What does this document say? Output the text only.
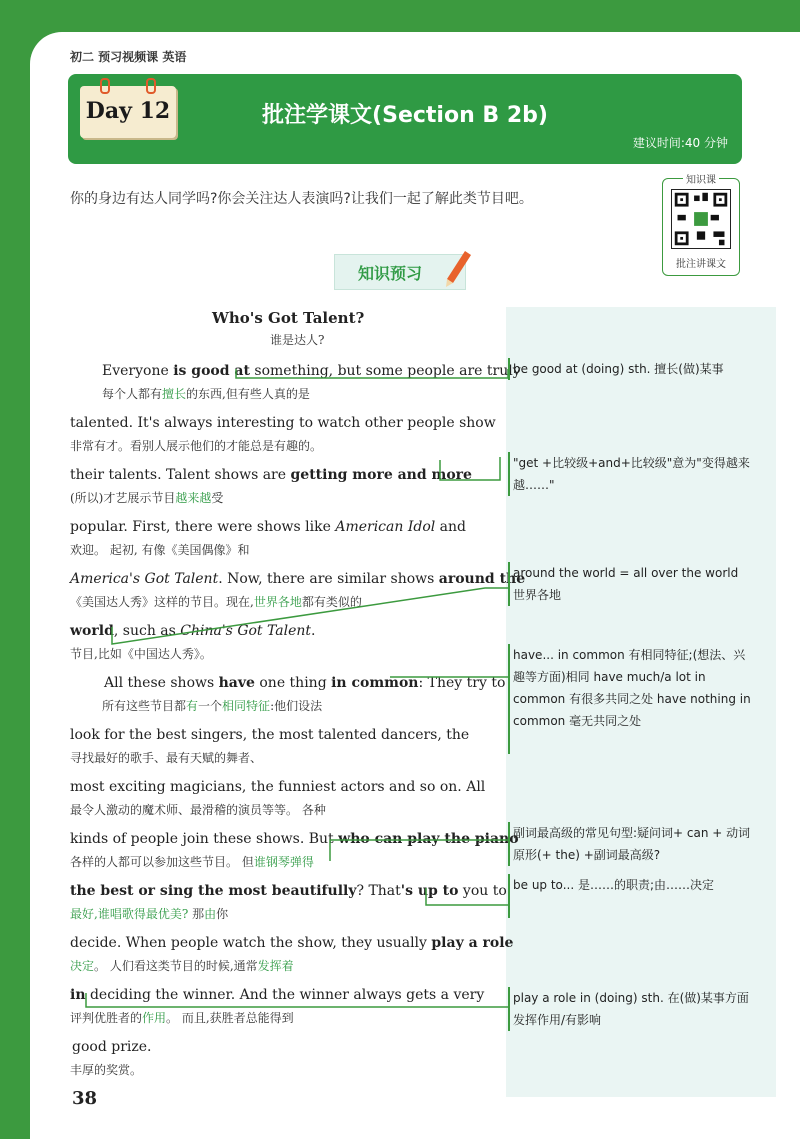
初二 预习视频课 英语
Day 12	批注学课文(Section B 2b)
建议时间:40 分钟
你的身边有达人同学吗?你会关注达人表演吗?让我们一起了解此类节目吧。
知识课
批注讲课文
知识预习
Who's Got Talent?
谁是达人?
Everyone is good at something, but some people are truly
每个人都有擅长的东西,但有些人真的是
talented. It's always interesting to watch other people show
非常有才。看别人展示他们的才能总是有趣的。
their talents. Talent shows are getting more and more
(所以)才艺展示节目越来越受
popular. First, there were shows like American Idol and
欢迎。 起初, 有像《美国偶像》和
America's Got Talent. Now, there are similar shows around the
《美国达人秀》这样的节目。现在,世界各地都有类似的
world, such as China's Got Talent.
节目,比如《中国达人秀》。
All these shows have one thing in common: They try to
所有这些节目都有一个相同特征:他们设法
look for the best singers, the most talented dancers, the
寻找最好的歌手、最有天赋的舞者、
most exciting magicians, the funniest actors and so on. All
最令人激动的魔术师、最滑稽的演员等等。 各种
kinds of people join these shows. But who can play the piano
各样的人都可以参加这些节目。 但谁钢琴弹得
the best or sing the most beautifully? That's up to you to
最好,谁唱歌得最优美? 那由你
decide. When people watch the show, they usually play a role
决定。 人们看这类节目的时候,通常发挥着
in deciding the winner. And the winner always gets a very
评判优胜者的作用。 而且,获胜者总能得到
good prize.
丰厚的奖赏。
be good at (doing) sth. 擅长(做)某事
"get +比较级+and+比较级"意为"变得越来越……"
around the world = all over the world 世界各地
have... in common 有相同特征;(想法、兴趣等方面)相同 have much/a lot in common 有很多共同之处 have nothing in common 毫无共同之处
副词最高级的常见句型:疑问词+ can + 动词原形(+ the) +副词最高级?
be up to... 是……的职责;由……决定
play a role in (doing) sth. 在(做)某事方面发挥作用/有影响
38
